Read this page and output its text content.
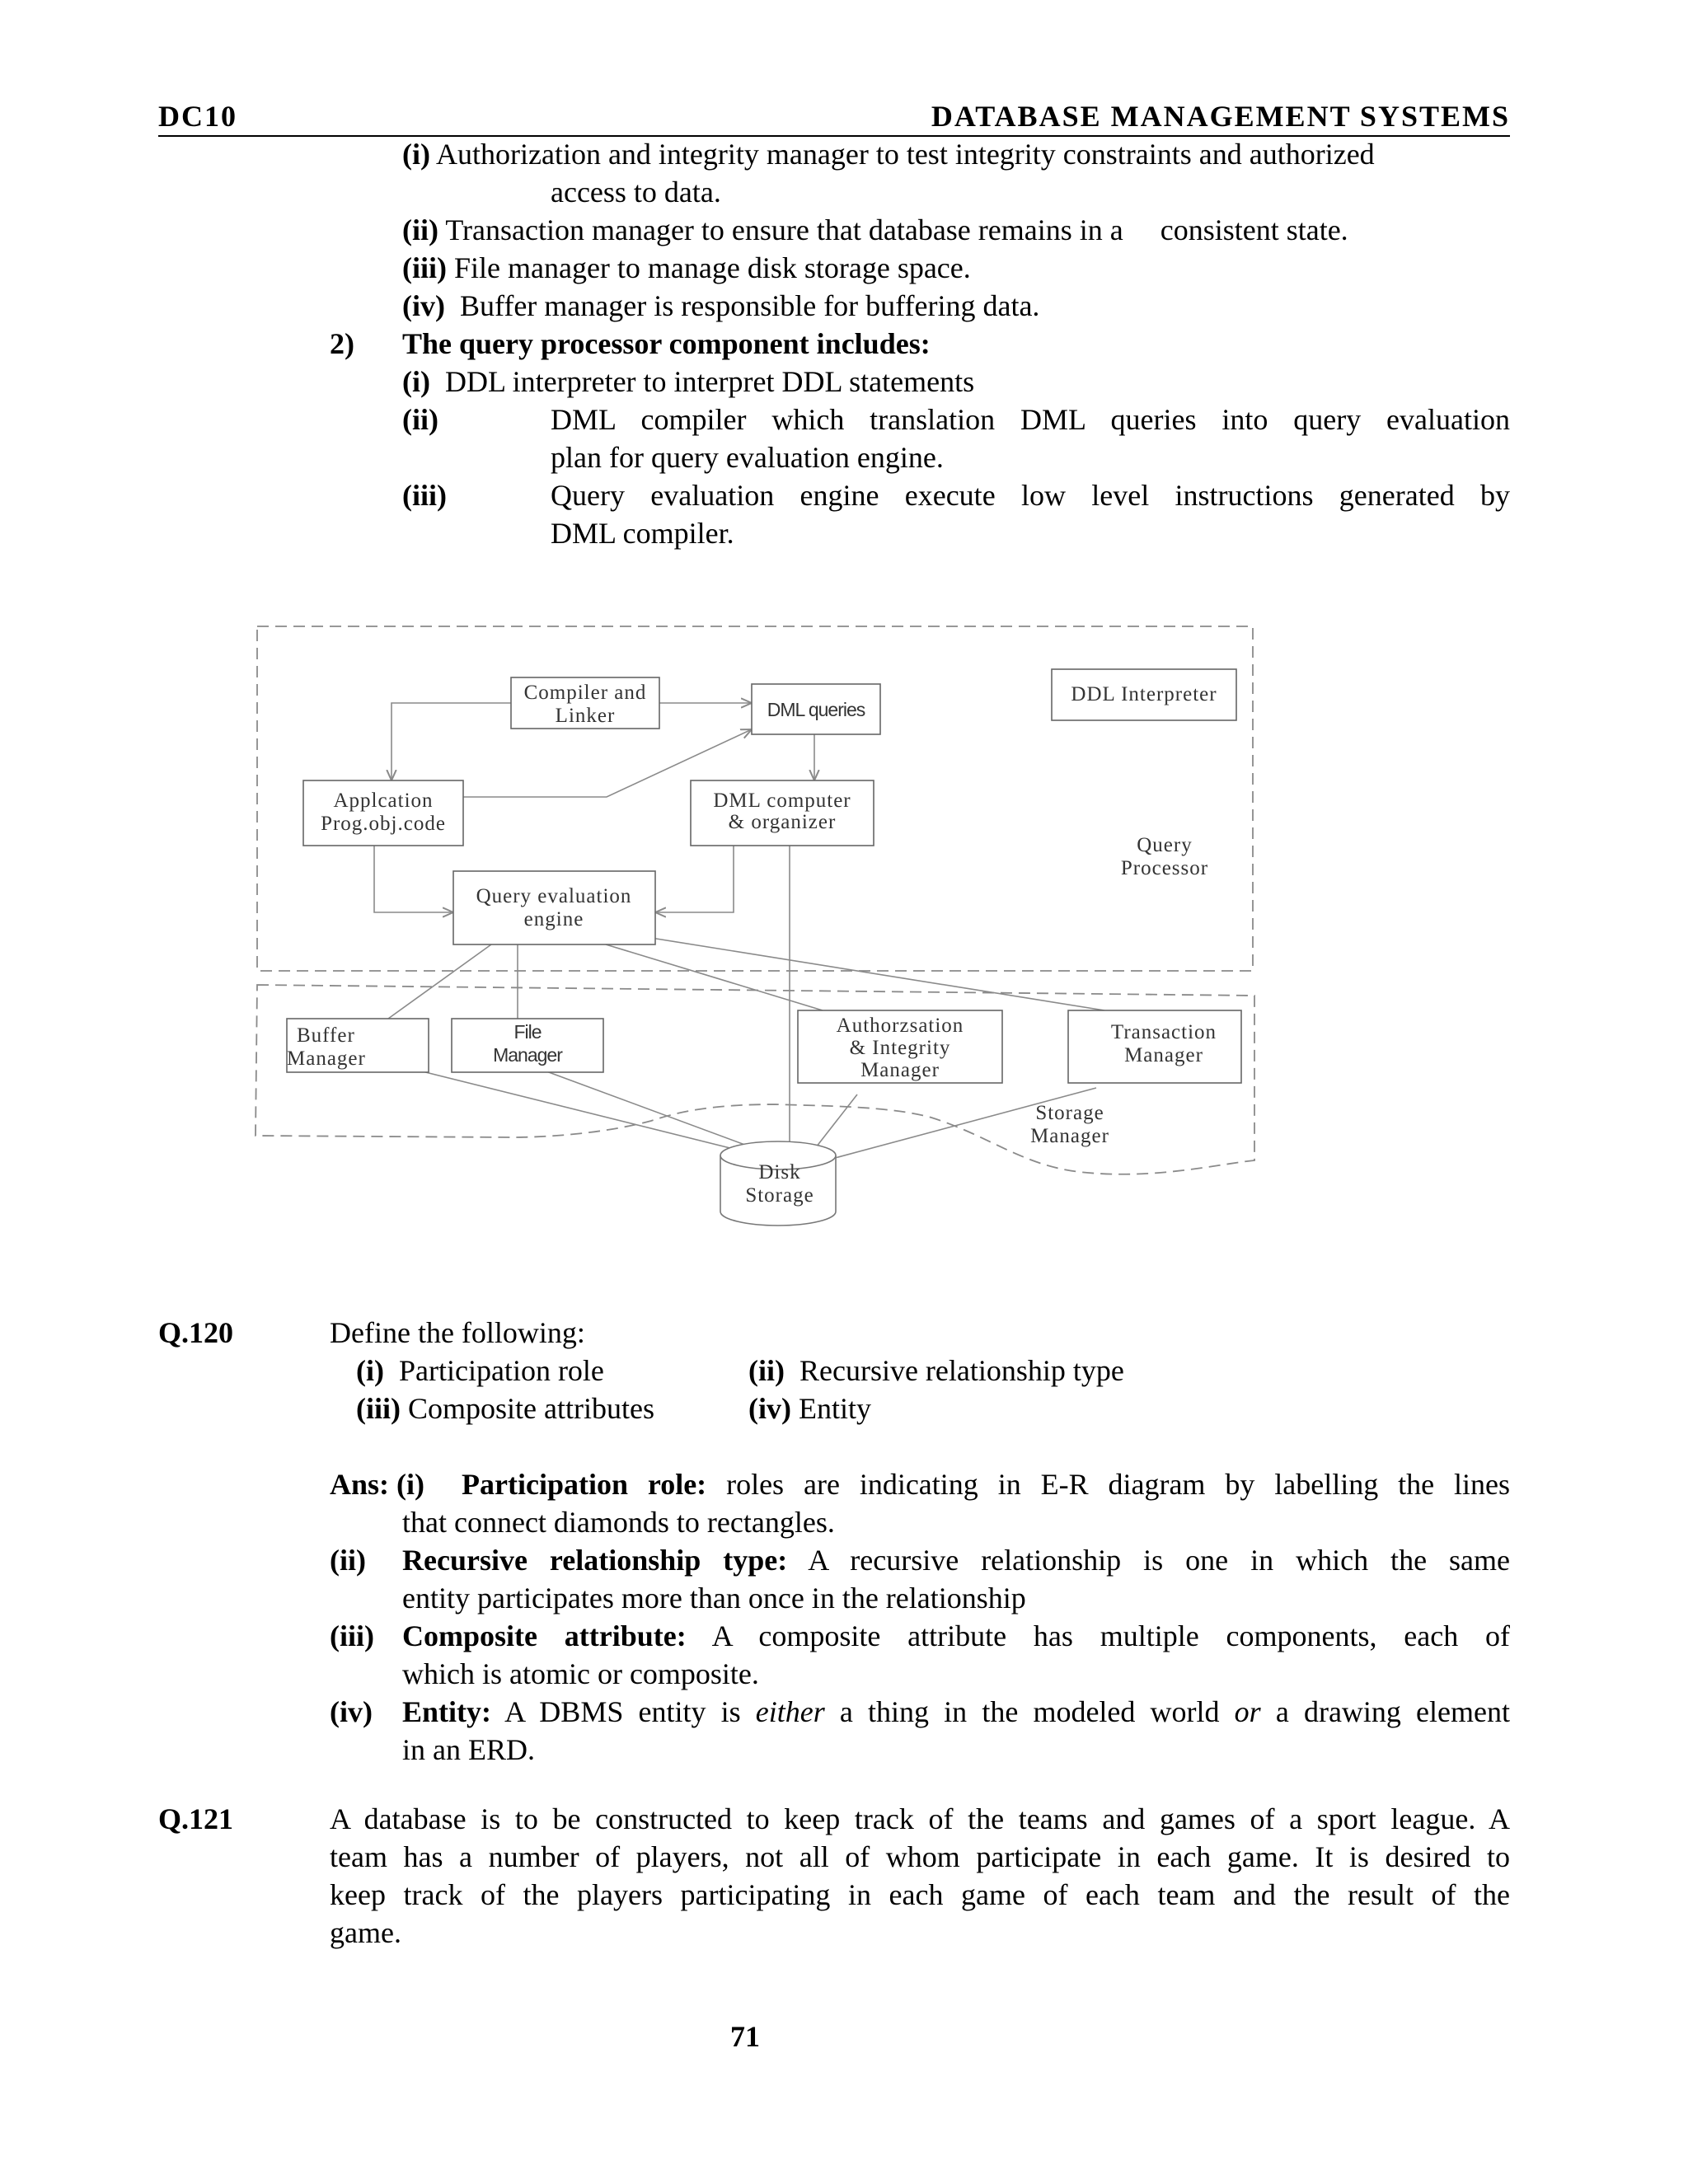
DC10	DATABASE MANAGEMENT SYSTEMS
(i) Authorization and integrity manager to test integrity constraints and authorized
access to data.
(ii) Transaction manager to ensure that database remains in a     consistent state.
(iii) File manager to manage disk storage space.
(iv)  Buffer manager is responsible for buffering data.
2) The query processor component includes:
(i)  DDL interpreter to interpret DDL statements
(ii)	DML compiler which translation DML queries into query evaluation
plan for query evaluation engine.
(iii)	Query evaluation engine execute low level instructions generated by
DML compiler.
Compiler and
Linker	DML queries
DDL Interpreter
Applcation
Prog.obj.code
DML computer
& organizer
Query
Processor
Query evaluation
engine
Buffer
Manager
File
Manager
Authorzsation
& Integrity
Manager
Transaction
Manager
Storage
Manager
Disk
Storage
Q.120	Define the following:
(i)  Participation role	(ii)  Recursive relationship type
(iii) Composite attributes	(iv) Entity
Ans: (i) Participation role: roles are indicating in E-R diagram by labelling the lines
that connect diamonds to rectangles.
(ii) Recursive relationship type: A recursive relationship is one in which the same
entity participates more than once in the relationship
(iii) Composite attribute: A composite attribute has multiple components, each of
which is atomic or composite.
(iv) Entity: A DBMS entity is either a thing in the modeled world or a drawing element
in an ERD.
Q.121	A database is to be constructed to keep track of the teams and games of a sport league. A
team has a number of players, not all of whom participate in each game. It is desired to
keep track of the players participating in each game of each team and the result of the
game.
71
